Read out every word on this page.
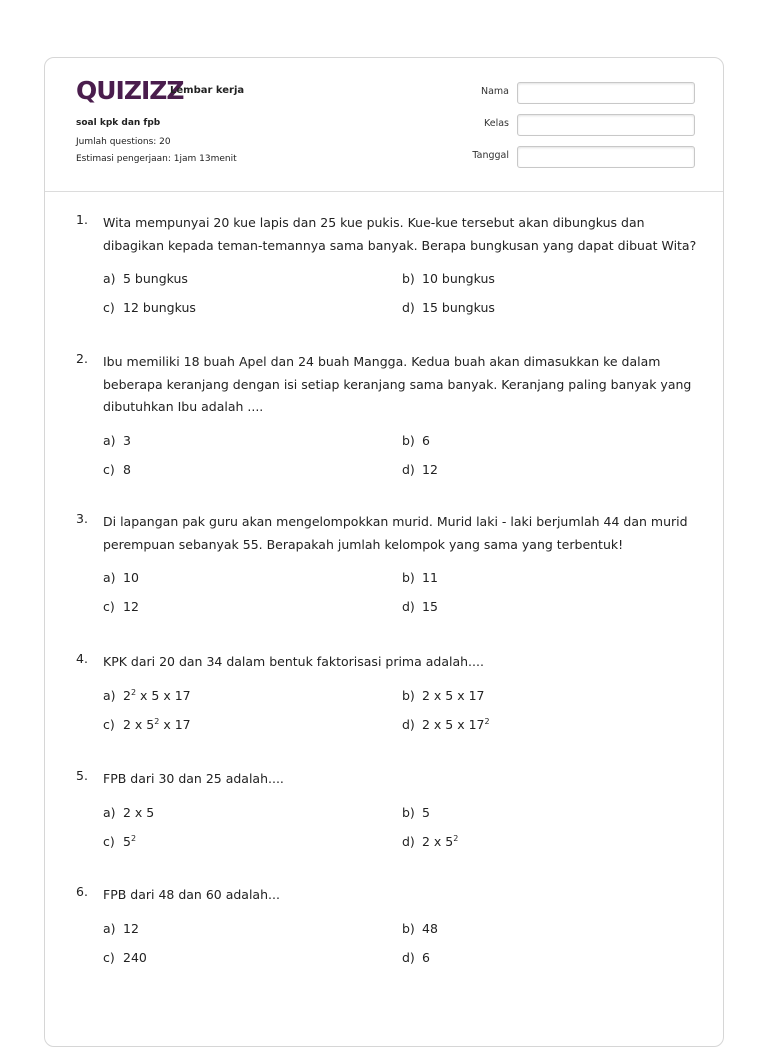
QUIZIZZ
Lembar kerja
soal kpk dan fpb
Jumlah questions: 20
Estimasi pengerjaan: 1jam 13menit
Nama
Kelas
Tanggal
1. Wita mempunyai 20 kue lapis dan 25 kue pukis. Kue-kue tersebut akan dibungkus dan dibagikan kepada teman-temannya sama banyak. Berapa bungkusan yang dapat dibuat Wita?
a) 5 bungkus	b) 10 bungkus
c) 12 bungkus	d) 15 bungkus
2. Ibu memiliki 18 buah Apel dan 24 buah Mangga. Kedua buah akan dimasukkan ke dalam beberapa keranjang dengan isi setiap keranjang sama banyak. Keranjang paling banyak yang dibutuhkan Ibu adalah ....
a) 3	b) 6
c) 8	d) 12
3. Di lapangan pak guru akan mengelompokkan murid. Murid laki - laki berjumlah 44 dan murid perempuan sebanyak 55. Berapakah jumlah kelompok yang sama yang terbentuk!
a) 10	b) 11
c) 12	d) 15
4. KPK dari 20 dan 34 dalam bentuk faktorisasi prima adalah....
a) $2^2$ x 5 x 17	b) 2 x 5 x 17
c) 2 x $5^2$ x 17	d) 2 x 5 x $17^2$
5. FPB dari 30 dan 25 adalah....
a) 2 x 5	b) 5
c) $5^2$	d) 2 x $5^2$
6. FPB dari 48 dan 60 adalah...
a) 12	b) 48
c) 240	d) 6
